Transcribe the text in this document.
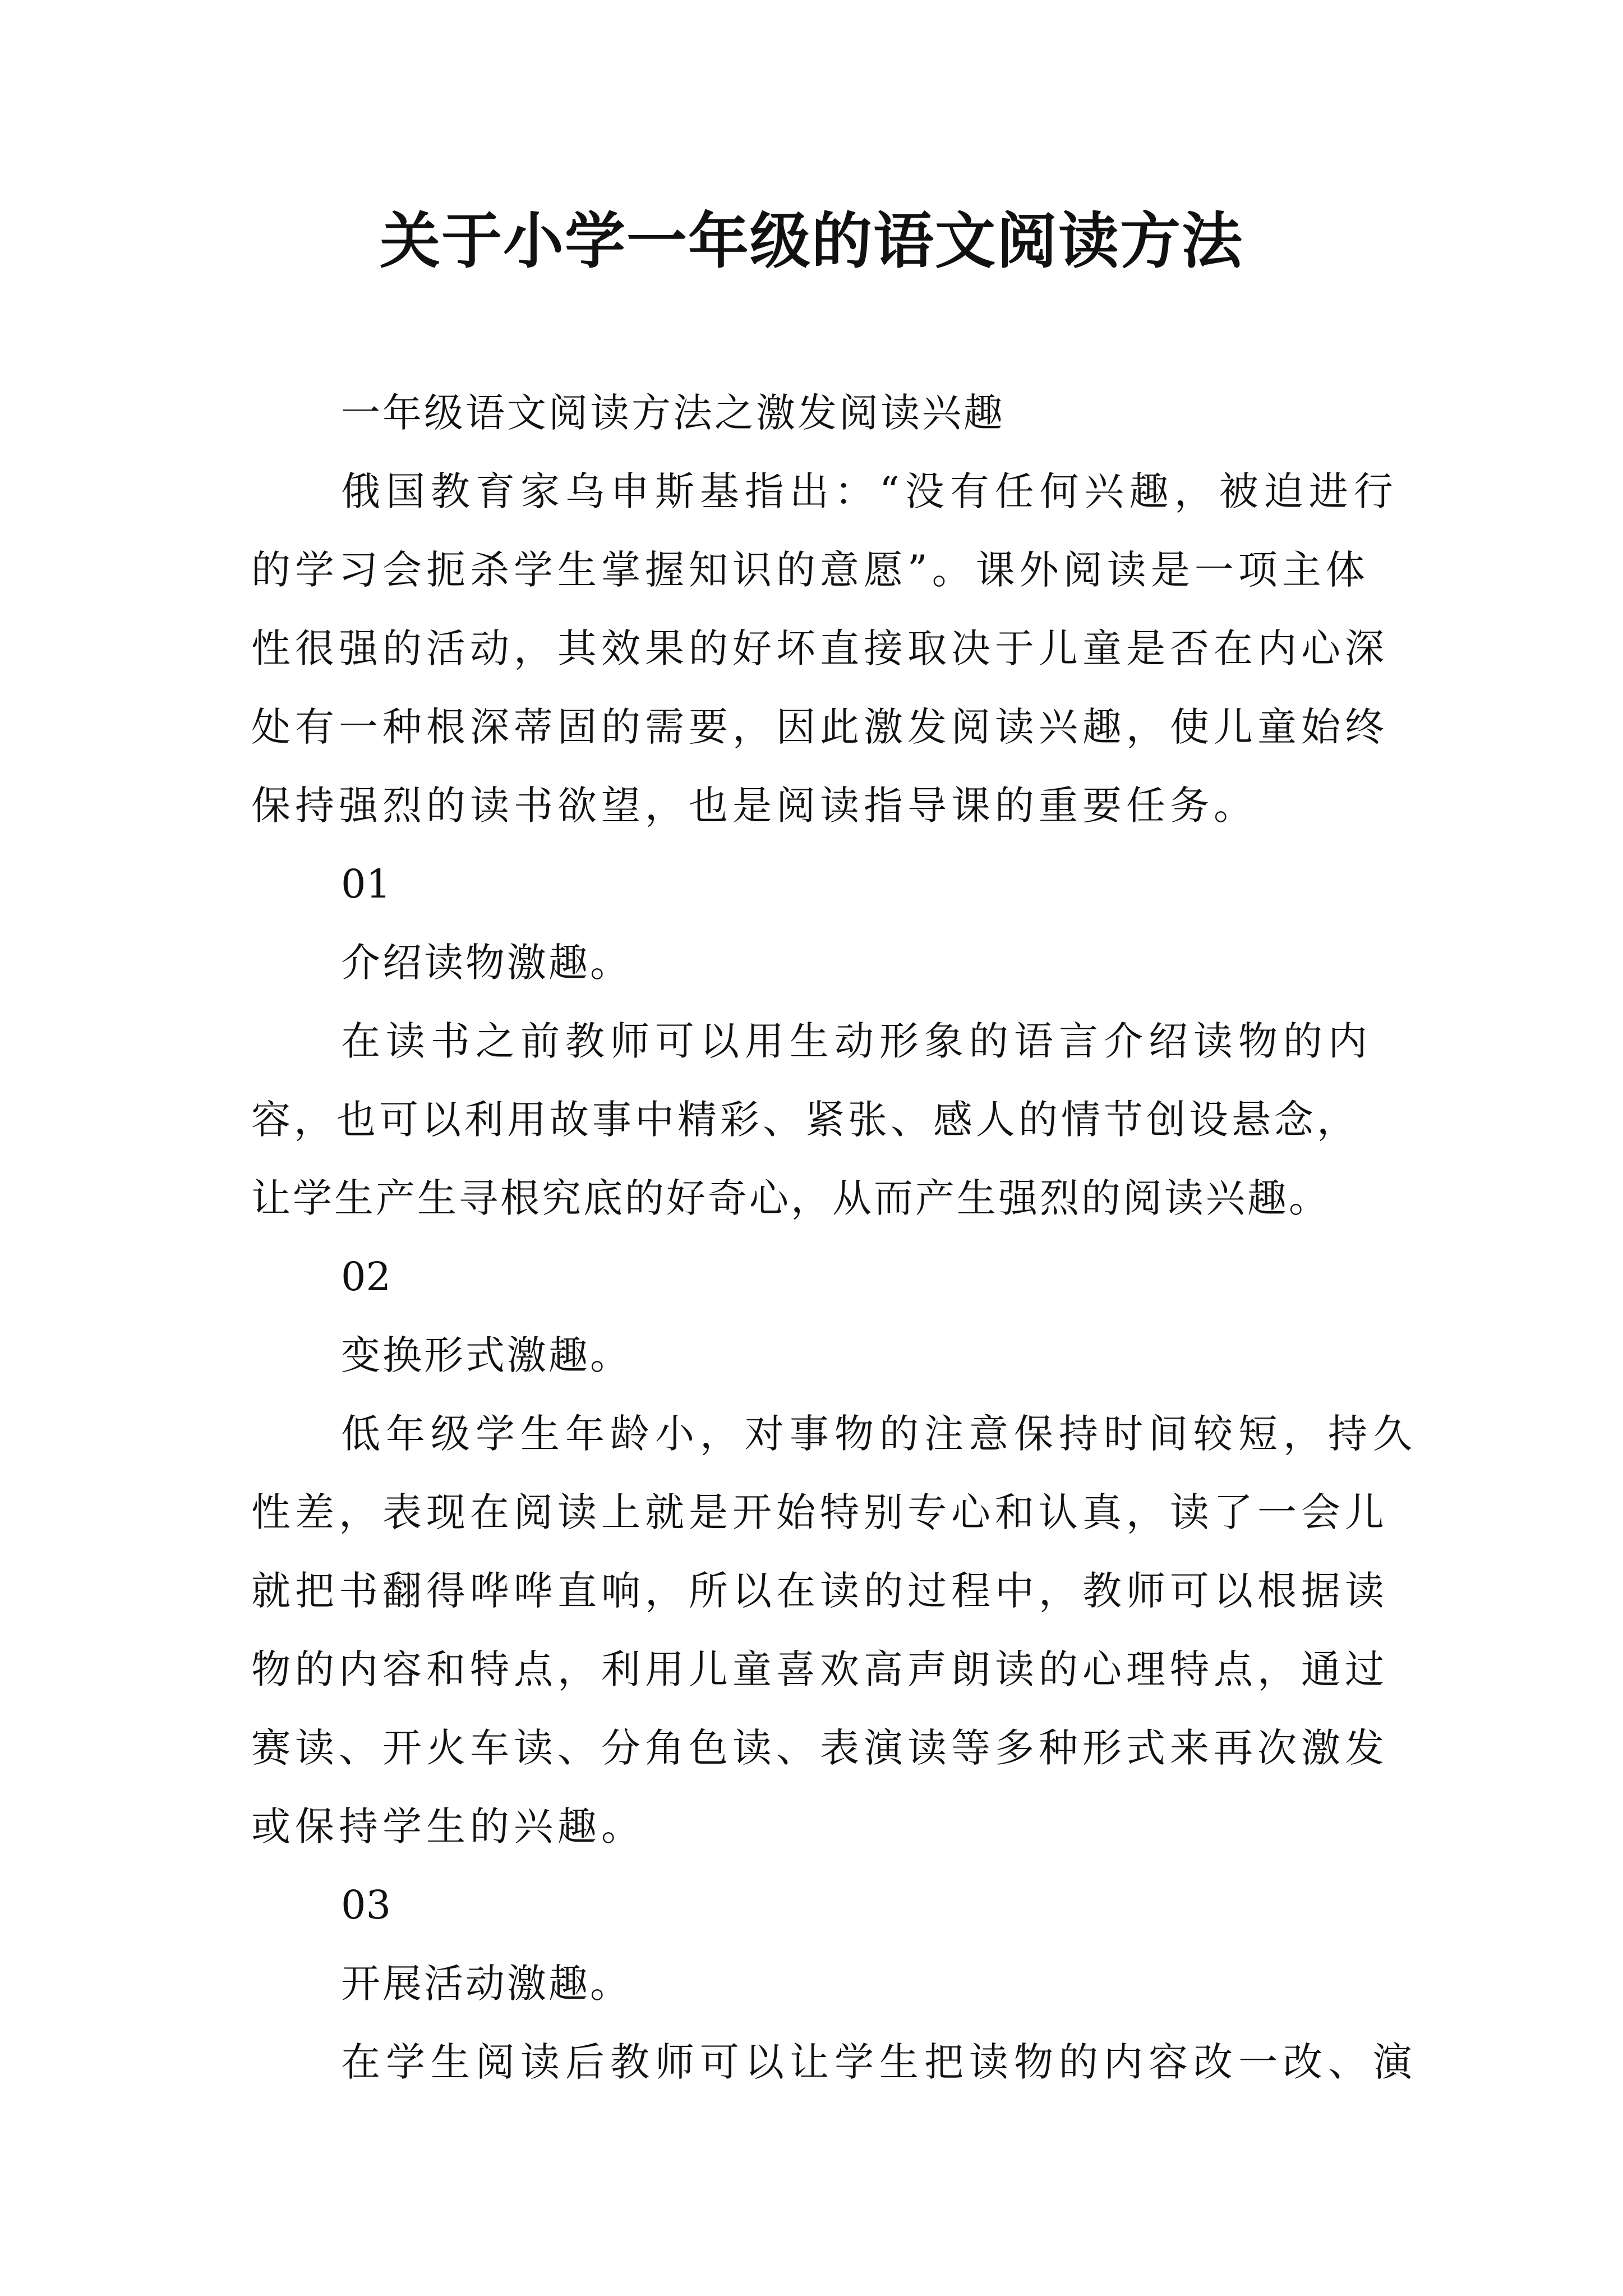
关于小学一年级的语文阅读方法
一年级语文阅读方法之激发阅读兴趣
俄国教育家乌申斯基指出：“没有任何兴趣，被迫进行
的学习会扼杀学生掌握知识的意愿”。课外阅读是一项主体
性很强的活动，其效果的好坏直接取决于儿童是否在内心深
处有一种根深蒂固的需要，因此激发阅读兴趣，使儿童始终
保持强烈的读书欲望，也是阅读指导课的重要任务。
01
介绍读物激趣。
在读书之前教师可以用生动形象的语言介绍读物的内
容，也可以利用故事中精彩、紧张、感人的情节创设悬念，
让学生产生寻根究底的好奇心，从而产生强烈的阅读兴趣。
02
变换形式激趣。
低年级学生年龄小，对事物的注意保持时间较短，持久
性差，表现在阅读上就是开始特别专心和认真，读了一会儿
就把书翻得哗哗直响，所以在读的过程中，教师可以根据读
物的内容和特点，利用儿童喜欢高声朗读的心理特点，通过
赛读、开火车读、分角色读、表演读等多种形式来再次激发
或保持学生的兴趣。
03
开展活动激趣。
在学生阅读后教师可以让学生把读物的内容改一改、演
